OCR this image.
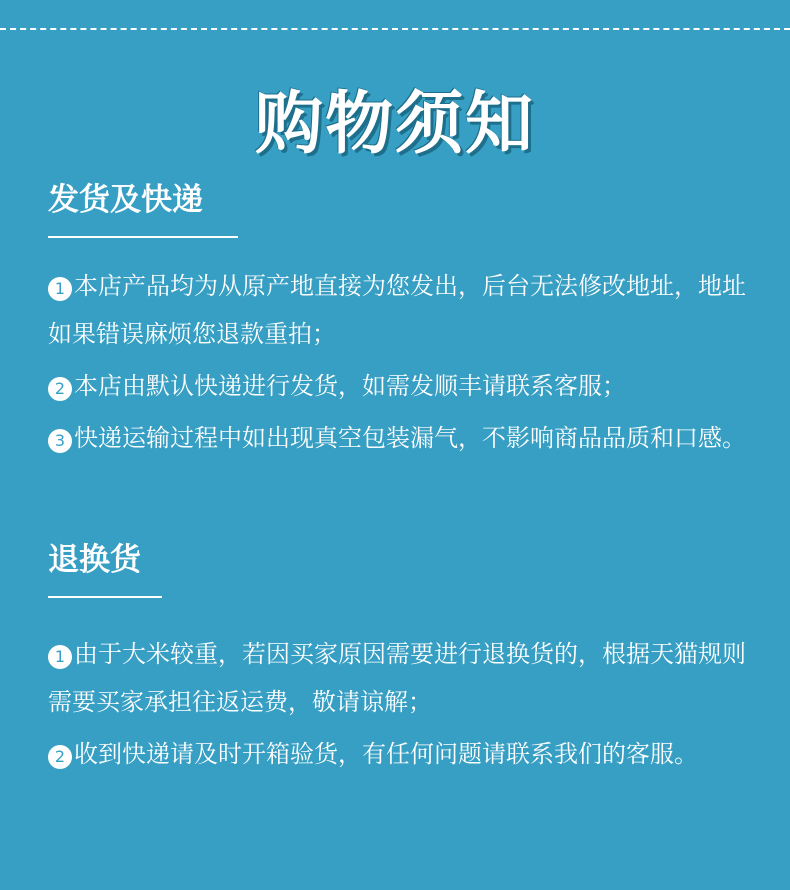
购物须知
发货及快递

1 本店产品均为从原产地直接为您发出，后台无法修改地址，地址如果错误麻烦您退款重拍；

2 本店由默认快递进行发货，如需发顺丰请联系客服；

3 快递运输过程中如出现真空包装漏气，不影响商品品质和口感。

退换货

1 由于大米较重，若因买家原因需要进行退换货的，根据天猫规则需要买家承担往返运费，敬请谅解；

2 收到快递请及时开箱验货，有任何问题请联系我们的客服。
